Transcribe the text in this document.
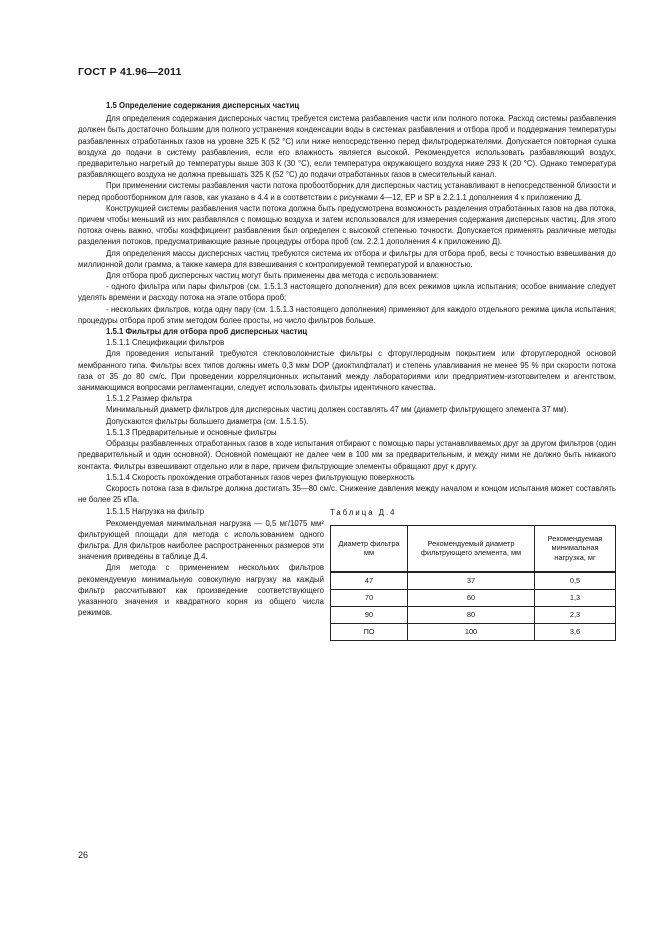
ГОСТ Р 41.96—2011
1.5 Определение содержания дисперсных частиц

Для определения содержания дисперсных частиц требуется система разбавления части или полного потока. Расход системы разбавления должен быть достаточно большим для полного устранения конденсации воды в системах разбавления и отбора проб и поддержания температуры разбавленных отработанных газов на уровне 325 К (52 °С) или ниже непосредственно перед фильтродержателями. Допускается повторная сушка воздуха до подачи в систему разбавления, если его влажность является высокой. Рекомендуется использовать разбавляющий воздух, предварительно нагретый до температуры выше 303 К (30 °С), если температура окружающего воздуха ниже 293 К (20 °С). Однако температура разбавляющего воздуха не должна превышать 325 К (52 °С) до подачи отработанных газов в смесительный канал.

При применении системы разбавления части потока пробоотборник для дисперсных частиц устанавливают в непосредственной близости и перед пробоотборником для газов, как указано в 4.4 и в соответствии с рисунками 4—12, ЕР и SP в 2.2.1.1 дополнения 4 к приложению Д.

Конструкцией системы разбавления части потока должна быть предусмотрена возможность разделения отработанных газов на два потока, причем чтобы меньший из них разбавлялся с помощью воздуха и затем использовался для измерения содержания дисперсных частиц. Для этого потока очень важно, чтобы коэффициент разбавления был определен с высокой степенью точности. Допускается применять различные методы разделения потоков, предусматривающие разные процедуры отбора проб (см. 2.2.1 дополнения 4 к приложению Д).

Для определения массы дисперсных частиц требуются система их отбора и фильтры для отбора проб, весы с точностью взвешивания до миллионной доли грамма, а также камера для взвешивания с контролируемой температурой и влажностью.

Для отбора проб дисперсных частиц могут быть применены два метода с использованием:

- одного фильтра или пары фильтров (см. 1.5.1.3 настоящего дополнения) для всех режимов цикла испытания; особое внимание следует уделять времени и расходу потока на этапе отбора проб;

- нескольких фильтров, когда одну пару (см. 1.5.1.3 настоящего дополнения) применяют для каждого отдельного режима цикла испытания; процедуры отбора проб этим методом более просты, но число фильтров больше.

1.5.1 Фильтры для отбора проб дисперсных частиц
1.5.1.1 Спецификации фильтров

Для проведения испытаний требуются стекловолокнистые фильтры с фторуглеродным покрытием или фторуглеродной основой мембранного типа. Фильтры всех типов должны иметь 0,3 мкм DOP (диоктилфталат) и степень улавливания не менее 95 % при скорости потока газа от 35 до 80 см/с. При проведении корреляционных испытаний между лабораториями или предприятием-изготовителем и агентством, занимающимся вопросами регламентации, следует использовать фильтры идентичного качества.

1.5.1.2 Размер фильтра

Минимальный диаметр фильтров для дисперсных частиц должен составлять 47 мм (диаметр фильтрующего элемента 37 мм).

Допускаются фильтры большего диаметра (см. 1.5.1.5).

1.5.1.3 Предварительные и основные фильтры

Образцы разбавленных отработанных газов в ходе испытания отбирают с помощью пары устанавливаемых друг за другом фильтров (один предварительный и один основной). Основной помещают не далее чем в 100 мм за предварительным, и между ними не должно быть никакого контакта. Фильтры взвешивают отдельно или в паре, причем фильтрующие элементы обращают друг к другу.

1.5.1.4 Скорость прохождения отработанных газов через фильтрующую поверхность

Скорость потока газа в фильтре должна достигать 35—80 см/с. Снижение давления между началом и концом испытания может составлять не более 25 кПа.

1.5.1.5 Нагрузка на фильтр

Рекомендуемая минимальная нагрузка — 0,5 мг/1075 мм² фильтрующей площади для метода с использованием одного фильтра. Для фильтров наиболее распространенных размеров эти значения приведены в таблице Д.4.

Для метода с применением нескольких фильтров рекомендуемую минимальную совокупную нагрузку на каждый фильтр рассчитывают как произведение соответствующего указанного значения и квадратного корня из общего числа режимов.

Таблица Д.4
Диаметр фильтра мм	Рекомендуемый диаметр фильтрующего элемента, мм	Рекомендуемая минимальная нагрузка, мг
47	37	0,5
70	60	1,3
90	80	2,3
ПО	100	3,6
26
